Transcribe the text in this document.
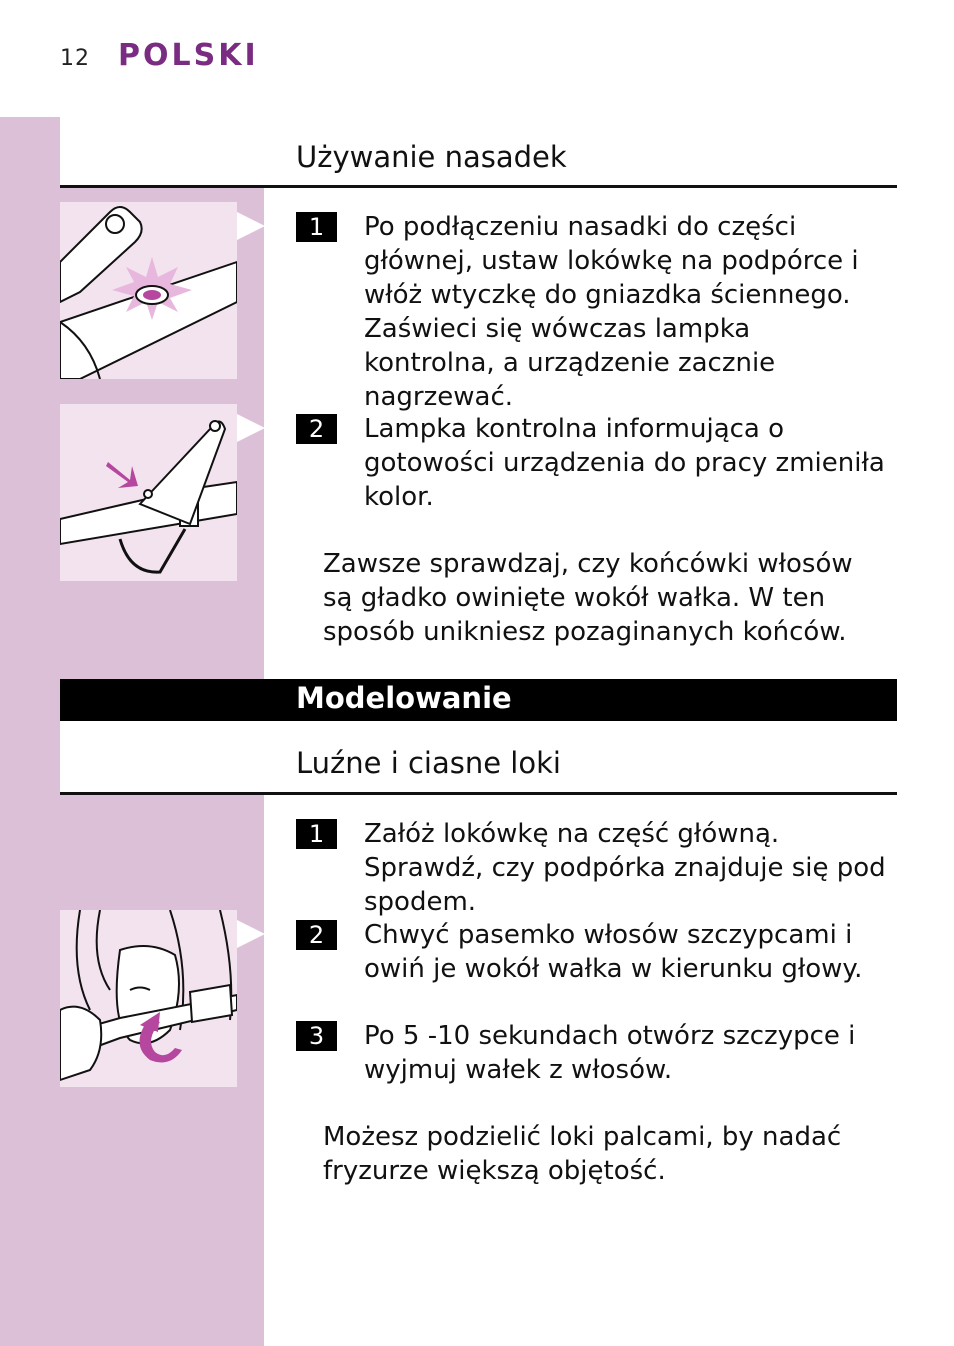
12 POLSKI
Używanie nasadek
1	Po podłączeniu nasadki do części głównej, ustaw lokówkę na podpórce i włóż wtyczkę do gniazdka ściennego. Zaświeci się wówczas lampka kontrolna, a urządzenie zacznie nagrzewać.
2	Lampka kontrolna informująca o gotowości urządzenia do pracy zmieniła kolor.
Zawsze sprawdzaj, czy końcówki włosów są gładko owinięte wokół wałka. W ten sposób unikniesz pozaginanych końców.
Modelowanie
Luźne i ciasne loki
1	Załóż lokówkę na część główną. Sprawdź, czy podpórka znajduje się pod spodem.
2	Chwyć pasemko włosów szczypcami i owiń je wokół wałka w kierunku głowy.
3	Po 5 -10 sekundach otwórz szczypce i wyjmuj wałek z włosów.
Możesz podzielić loki palcami, by nadać fryzurze większą objętość.
